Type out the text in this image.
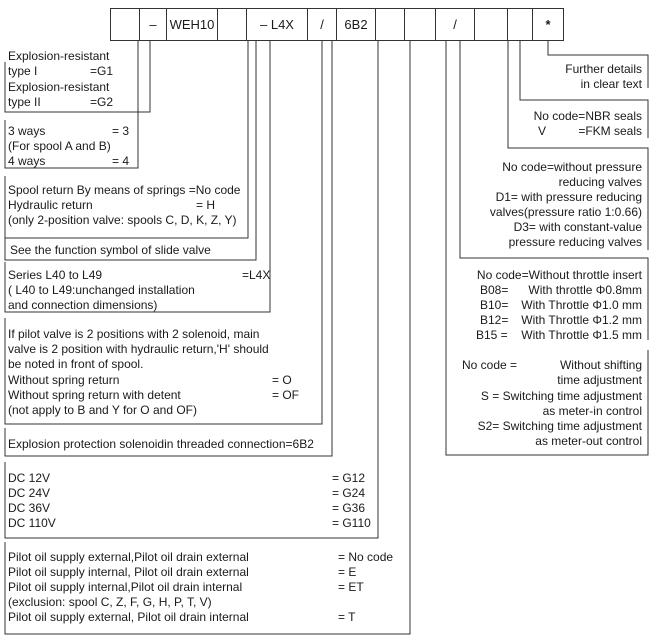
– WEH10	– L4X	/	6B2	/	*
Explosion-resistant
type I	=G1
Explosion-resistant
type II	=G2
3 ways	= 3
(For spool A and B)
4 ways	= 4
Spool return By means of springs =No code
Hydraulic return	= H
(only 2-position valve: spools C, D, K, Z, Y)
See the function symbol of slide valve
Series L40 to L49	=L4X
( L40 to L49:unchanged installation
and connection dimensions)
If pilot valve is 2 positions with 2 solenoid, main
valve is 2 position with hydraulic return,'H' should
be noted in front of spool.
Without spring return	= O
Without spring return with detent	= OF
(not apply to B and Y for O and OF)
Explosion protection solenoidin threaded connection=6B2
DC 12V	= G12
DC 24V	= G24
DC 36V	= G36
DC 110V	= G110
Pilot oil supply external,Pilot oil drain external	= No code
Pilot oil supply internal, Pilot oil drain external	= E
Pilot oil supply internal,Pilot oil drain internal	= ET
(exclusion: spool C, Z, F, G, H, P, T, V)
Pilot oil supply external, Pilot oil drain internal	= T
Further details
in clear text
No code=NBR seals
V	=FKM seals
No code=without pressure
reducing valves
D1= with pressure reducing
valves(pressure ratio 1:0.66)
D3= with constant-value
pressure reducing valves
No code=Without throttle insert
B08= With throttle Φ0.8mm
B10= With Throttle Φ1.0 mm
B12= With Throttle Φ1.2 mm
B15 = With Throttle Φ1.5 mm
No code =	Without shifting
time adjustment
S = Switching time adjustment
as meter-in control
S2= Switching time adjustment
as meter-out control
